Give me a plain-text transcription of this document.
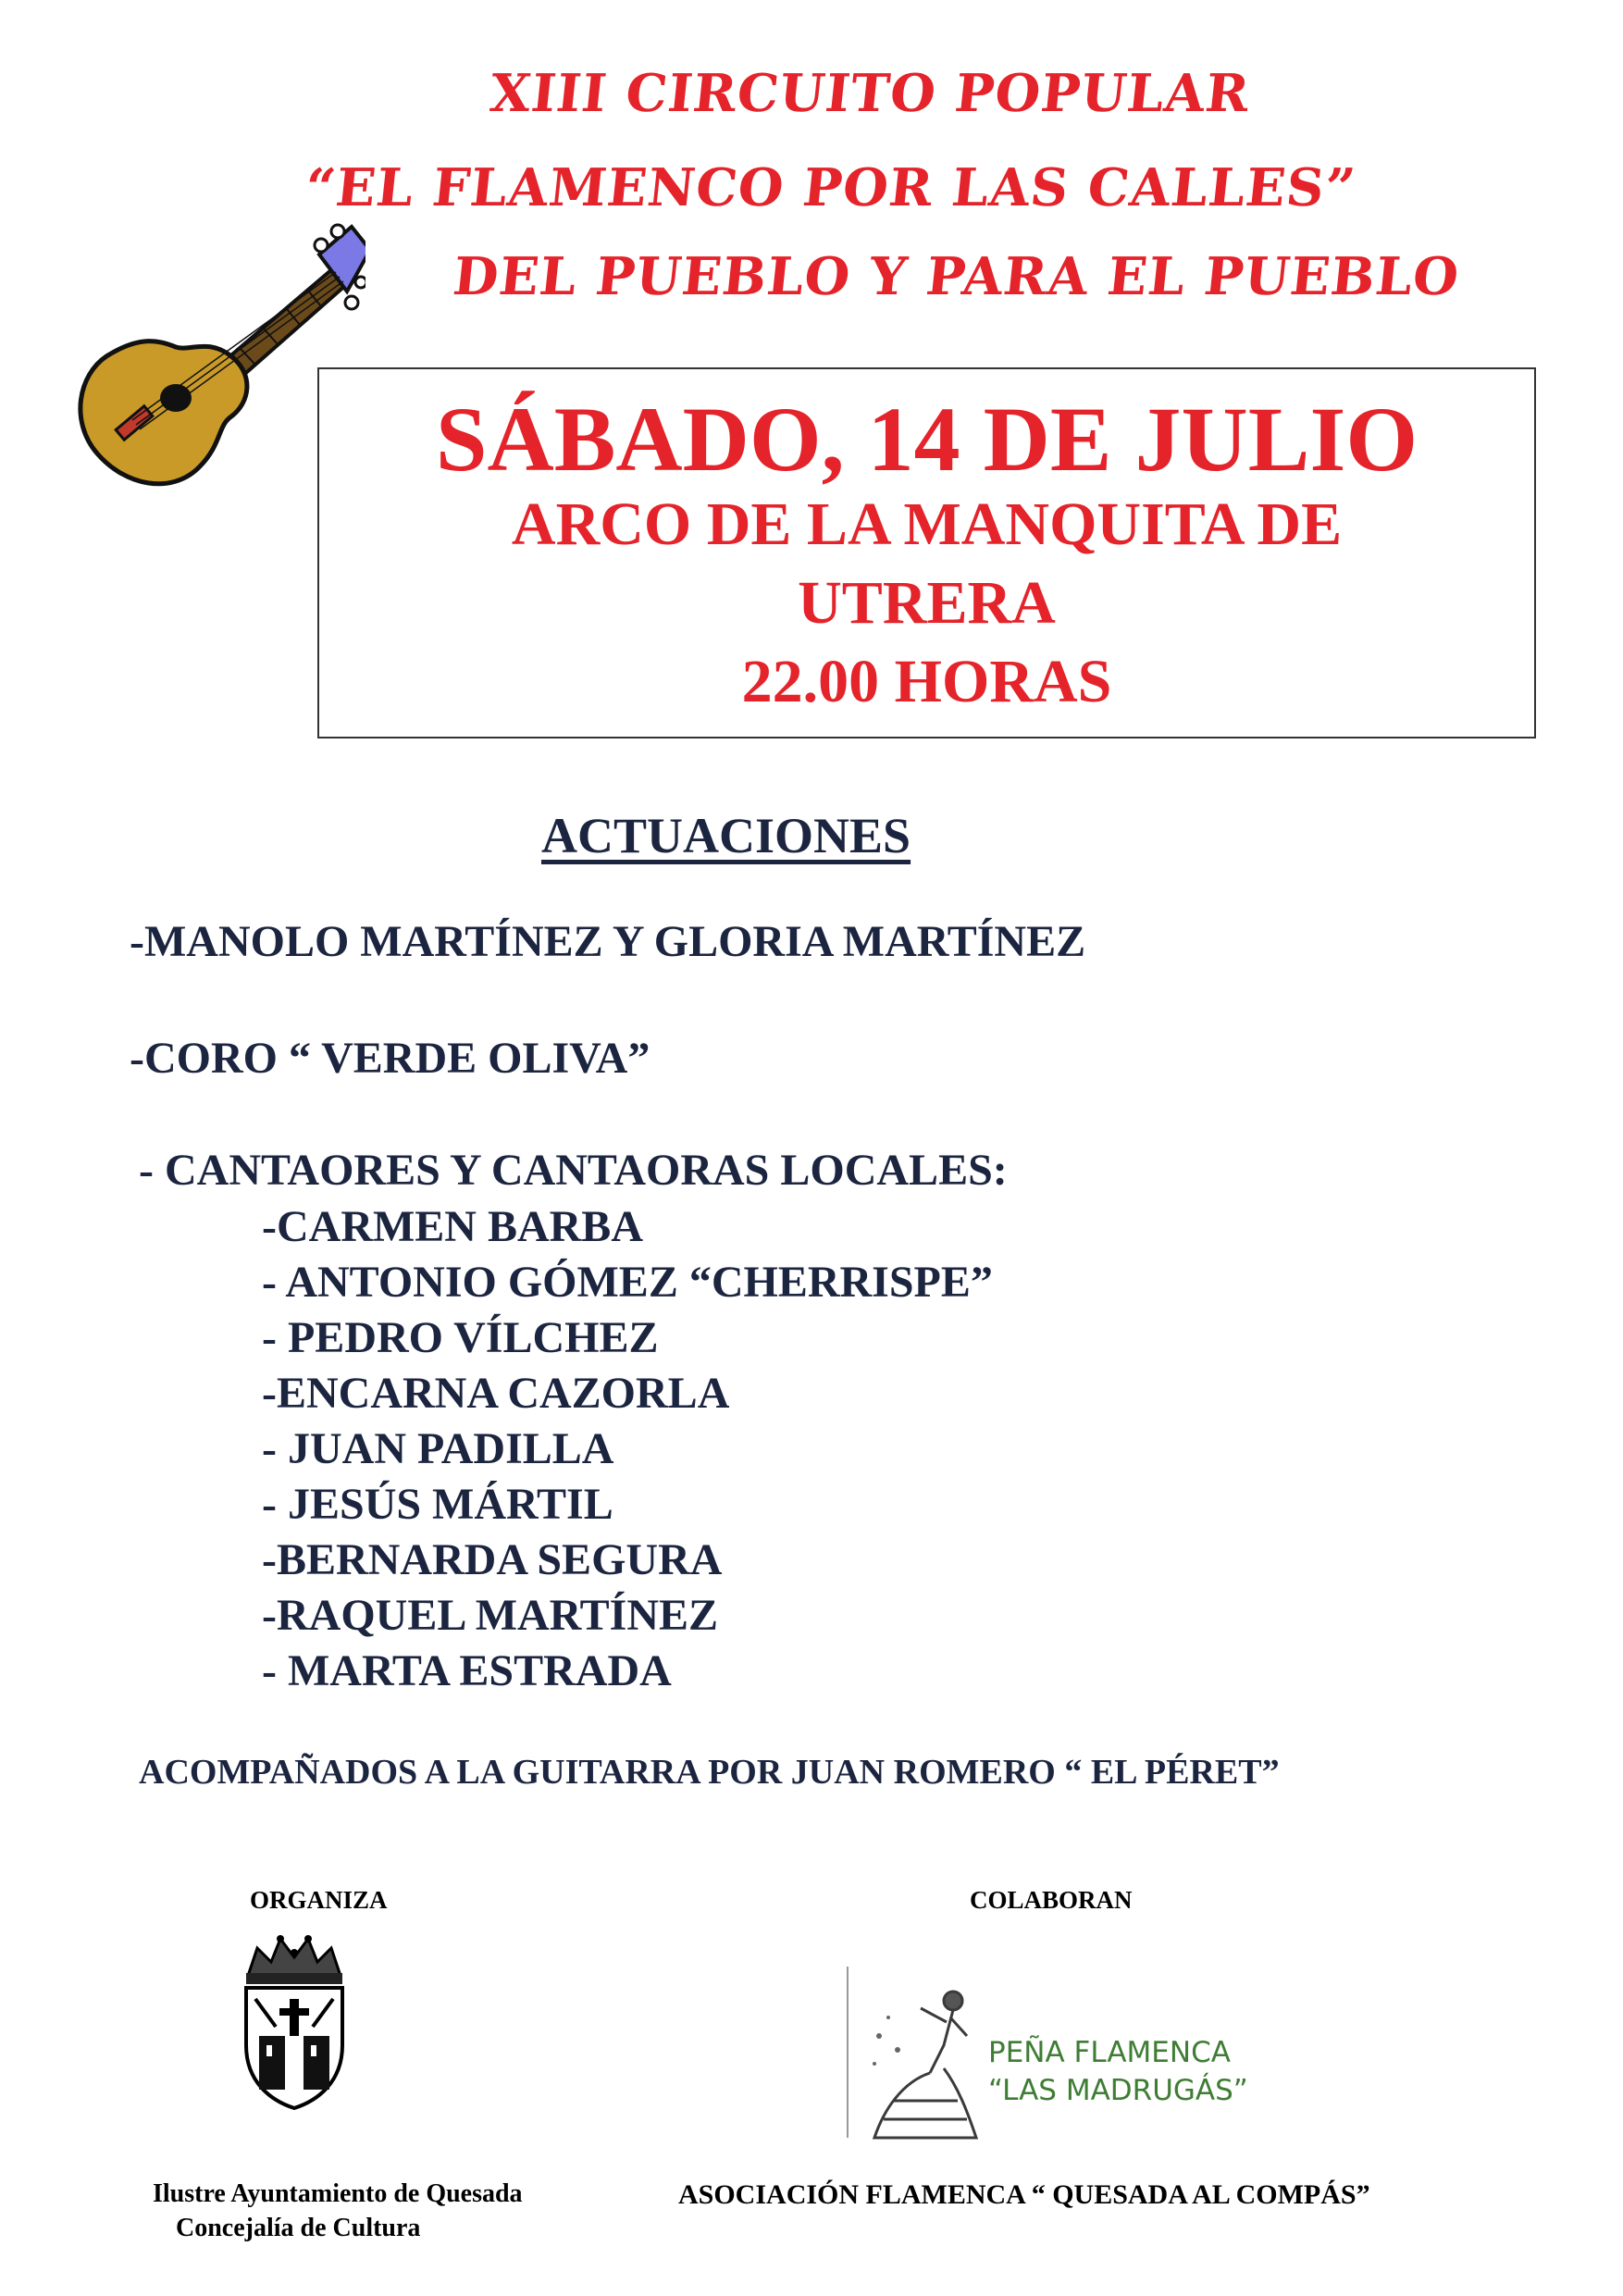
XIII CIRCUITO POPULAR
“EL FLAMENCO POR LAS CALLES”
DEL PUEBLO Y PARA EL PUEBLO
SÁBADO, 14 DE JULIO
ARCO DE LA MANQUITA DE
UTRERA
22.00 HORAS
ACTUACIONES
-MANOLO MARTÍNEZ Y GLORIA MARTÍNEZ
-CORO “ VERDE OLIVA”
- CANTAORES Y CANTAORAS LOCALES:
-CARMEN BARBA
- ANTONIO GÓMEZ “CHERRISPE”
- PEDRO VÍLCHEZ
-ENCARNA CAZORLA
- JUAN PADILLA
- JESÚS MÁRTIL
-BERNARDA SEGURA
-RAQUEL MARTÍNEZ
- MARTA ESTRADA
ACOMPAÑADOS A LA GUITARRA POR JUAN ROMERO “ EL PÉRET”
ORGANIZA	COLABORAN
PEÑA FLAMENCA
“LAS MADRUGÁS”
Ilustre Ayuntamiento de Quesada
Concejalía de Cultura
ASOCIACIÓN FLAMENCA “ QUESADA AL COMPÁS”
